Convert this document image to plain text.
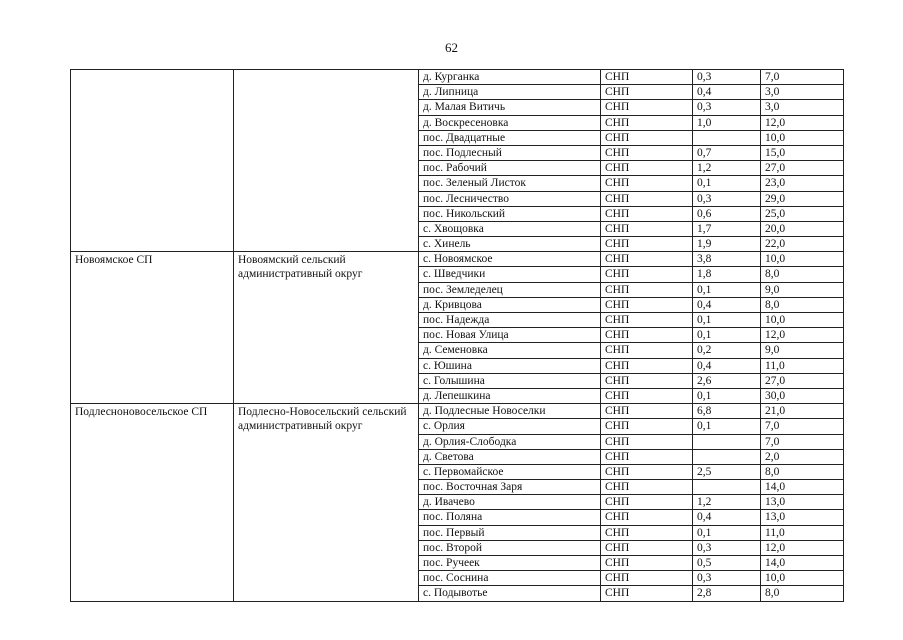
62
		д. Курганка	СНП	0,3	7,0
		д. Липница	СНП	0,4	3,0
		д. Малая Витичь	СНП	0,3	3,0
		д. Воскресеновка	СНП	1,0	12,0
		пос. Двадцатные	СНП		10,0
		пос. Подлесный	СНП	0,7	15,0
		пос. Рабочий	СНП	1,2	27,0
		пос. Зеленый Листок	СНП	0,1	23,0
		пос. Лесничество	СНП	0,3	29,0
		пос. Никольский	СНП	0,6	25,0
		с. Хвощовка	СНП	1,7	20,0
		с. Хинель	СНП	1,9	22,0
Новоямское СП	Новоямский сельский административный округ	с. Новоямское	СНП	3,8	10,0
		с. Шведчики	СНП	1,8	8,0
		пос. Земледелец	СНП	0,1	9,0
		д. Кривцова	СНП	0,4	8,0
		пос. Надежда	СНП	0,1	10,0
		пос. Новая Улица	СНП	0,1	12,0
		д. Семеновка	СНП	0,2	9,0
		с. Юшина	СНП	0,4	11,0
		с. Голышина	СНП	2,6	27,0
		д. Лепешкина	СНП	0,1	30,0
Подлесноновосельское СП	Подлесно-Новосельский сельский административный округ	д. Подлесные Новоселки	СНП	6,8	21,0
		с. Орлия	СНП	0,1	7,0
		д. Орлия-Слободка	СНП		7,0
		д. Светова	СНП		2,0
		с. Первомайское	СНП	2,5	8,0
		пос. Восточная Заря	СНП		14,0
		д. Ивачево	СНП	1,2	13,0
		пос. Поляна	СНП	0,4	13,0
		пос. Первый	СНП	0,1	11,0
		пос. Второй	СНП	0,3	12,0
		пос. Ручеек	СНП	0,5	14,0
		пос. Соснина	СНП	0,3	10,0
		с. Подывотье	СНП	2,8	8,0
